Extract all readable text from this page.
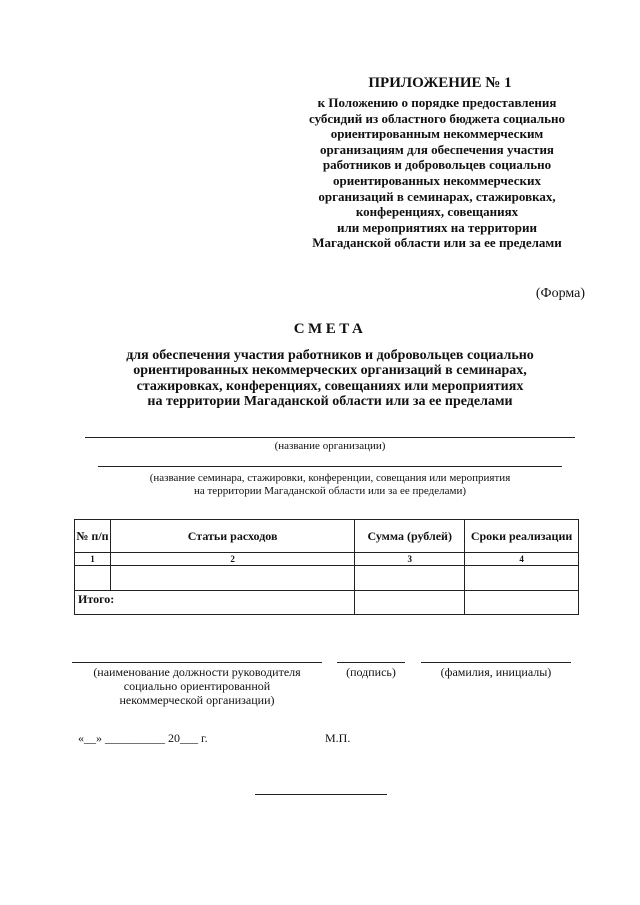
ПРИЛОЖЕНИЕ № 1
к Положению о порядке предоставления
субсидий из областного бюджета социально
ориентированным некоммерческим
организациям для обеспечения участия
работников и добровольцев социально
ориентированных некоммерческих
организаций в семинарах, стажировках,
конференциях, совещаниях
или мероприятиях на территории
Магаданской области или за ее пределами
(Форма)
СМЕТА
для обеспечения участия работников и добровольцев социально
ориентированных некоммерческих организаций в семинарах,
стажировках, конференциях, совещаниях или мероприятиях
на территории Магаданской области или за ее пределами
(название организации)
(название семинара, стажировки, конференции, совещания или мероприятия
на территории Магаданской области или за ее пределами)
№ п/п	Статьи расходов	Сумма (рублей)	Сроки реализации
1	2	3	4

Итого:			
(наименование должности руководителя
социально ориентированной
некоммерческой организации)
(подпись)	(фамилия, инициалы)
«__» __________ 20___ г.	М.П.
